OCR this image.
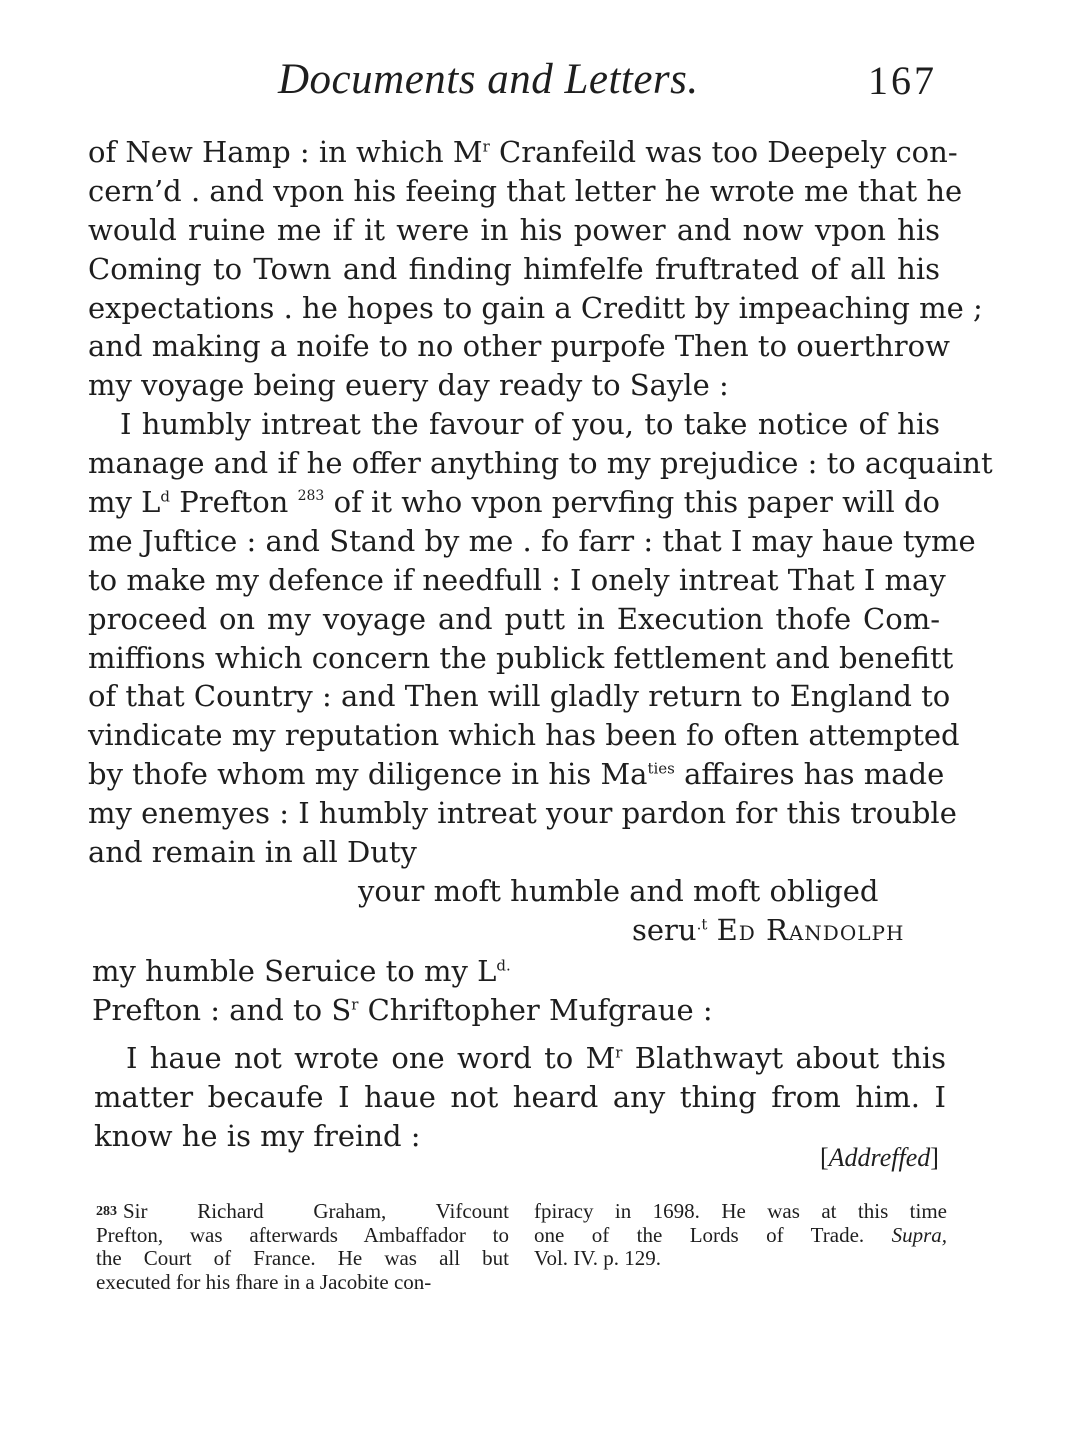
Documents and Letters.	167
of New Hamp : in which $M^r$ Cranfeild was too Deepely con-
cern’d . and vpon his feeing that letter he wrote me that he
would ruine me if it were in his power and now vpon his
Coming to Town and finding himfelfe fruftrated of all his
expectations . he hopes to gain a Creditt by impeaching me ;
and making a noife to no other purpofe Then to ouerthrow
my voyage being euery day ready to Sayle :
I humbly intreat the favour of you, to take notice of his
manage and if he offer anything to my prejudice : to acquaint
my $L^d$ Prefton $^{283}$ of it who vpon pervfing this paper will do
me Juftice : and Stand by me . fo farr : that I may haue tyme
to make my defence if needfull : I onely intreat That I may
proceed on my voyage and putt in Execution thofe Com-
miffions which concern the publick fettlement and benefitt
of that Country : and Then will gladly return to England to
vindicate my reputation which has been fo often attempted
by thofe whom my diligence in his $Ma^{ties}$ affaires has made
my enemyes : I humbly intreat your pardon for this trouble
and remain in all Duty
your moft humble and moft obliged
seru$^{.t}$ Ed Randolph
my humble Seruice to my $L^{d.}$
Prefton : and to $S^r$ Chriftopher Mufgraue :
I haue not wrote one word to $M^r$ Blathwayt about this
matter becaufe I haue not heard any thing from him. I
know he is my freind :
[Addreffed]
283 Sir Richard Graham, Vifcount
Prefton, was afterwards Ambaffador to
the Court of France. He was all but
executed for his fhare in a Jacobite con-
fpiracy in 1698. He was at this time
one of the Lords of Trade. Supra,
Vol. IV. p. 129.
